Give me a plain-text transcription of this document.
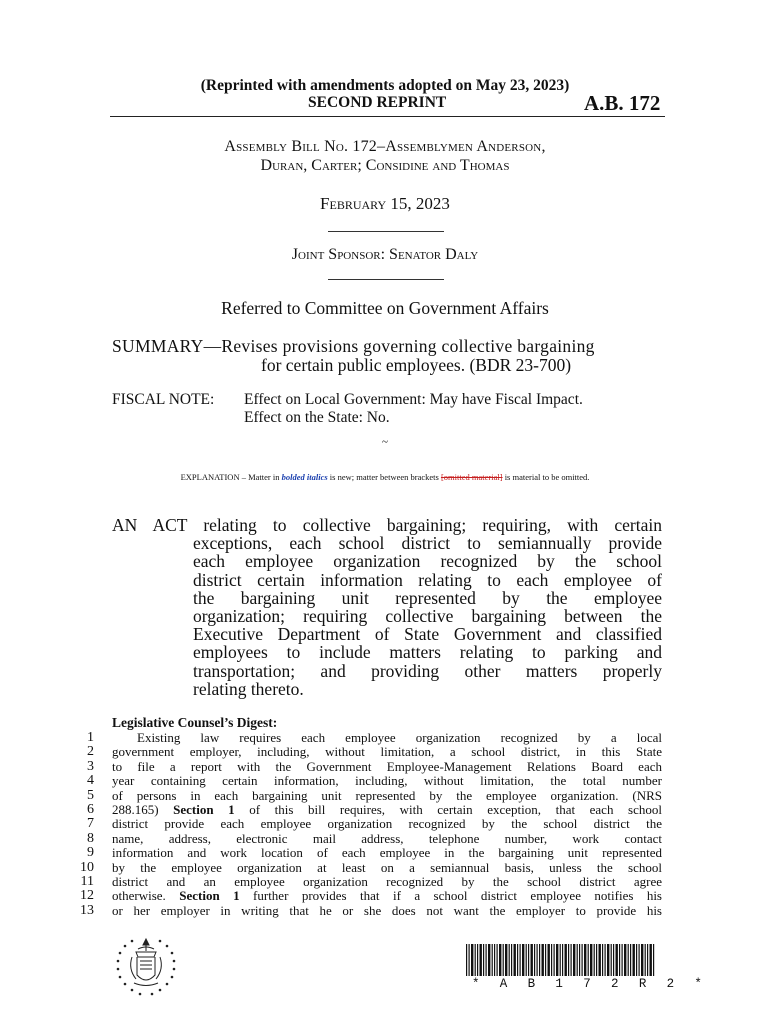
(Reprinted with amendments adopted on May 23, 2023)
SECOND REPRINT	A.B. 172
Assembly Bill No. 172–Assemblymen Anderson,
Duran, Carter; Considine and Thomas
February 15, 2023
Joint Sponsor: Senator Daly
Referred to Committee on Government Affairs
SUMMARY—Revises provisions governing collective bargaining
for certain public employees. (BDR 23-700)
FISCAL NOTE: Effect on Local Government: May have Fiscal Impact.
Effect on the State: No.
~
EXPLANATION – Matter in bolded italics is new; matter between brackets [omitted material] is material to be omitted.

AN ACT relating to collective bargaining; requiring, with certain

exceptions, each school district to semiannually provide
each employee organization recognized by the school
district certain information relating to each employee of
the bargaining unit represented by the employee
organization; requiring collective bargaining between the
Executive Department of State Government and classified
employees to include matters relating to parking and
transportation; and providing other matters properly
relating thereto.
Legislative Counsel’s Digest:
1
2
3
4
5
6
7
8
9
10
11
12
13
Existing law requires each employee organization recognized by a local
government employer, including, without limitation, a school district, in this State
to file a report with the Government Employee-Management Relations Board each
year containing certain information, including, without limitation, the total number
of persons in each bargaining unit represented by the employee organization. (NRS
288.165) Section 1 of this bill requires, with certain exception, that each school
district provide each employee organization recognized by the school district the
name, address, electronic mail address, telephone number, work contact
information and work location of each employee in the bargaining unit represented
by the employee organization at least on a semiannual basis, unless the school
district and an employee organization recognized by the school district agree
otherwise. Section 1 further provides that if a school district employee notifies his
or her employer in writing that he or she does not want the employer to provide his
* A B 1 7 2 R 2 *
